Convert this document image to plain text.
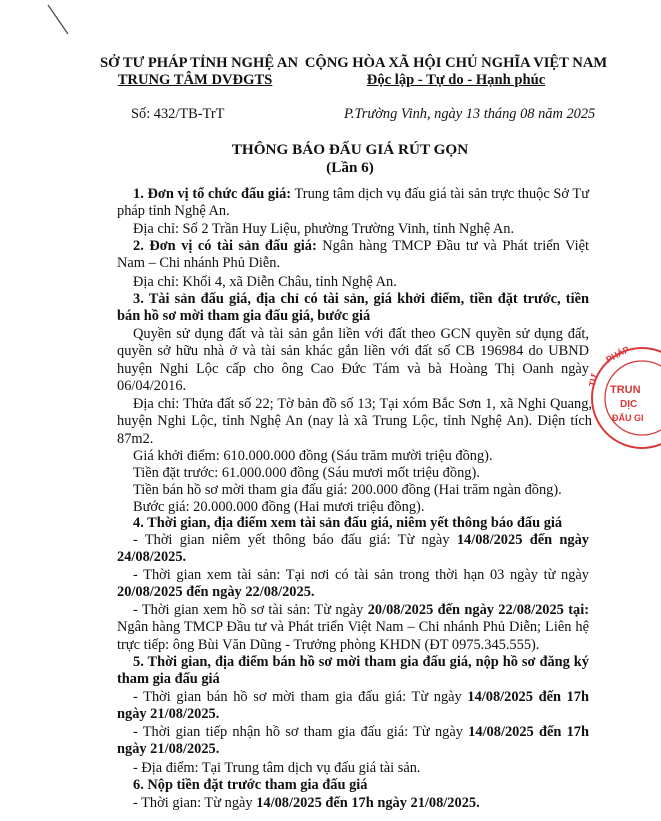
SỞ TƯ PHÁP TỈNH NGHỆ AN
TRUNG TÂM DVĐGTS
CỘNG HÒA XÃ HỘI CHỦ NGHĨA VIỆT NAM
Độc lập - Tự do - Hạnh phúc
Số: 432/TB-TrT	P.Trường Vinh, ngày 13 tháng 08 năm 2025
THÔNG BÁO ĐẤU GIÁ RÚT GỌN
(Lần 6)
1. Đơn vị tổ chức đấu giá: Trung tâm dịch vụ đấu giá tài sản trực thuộc Sở Tư pháp tỉnh Nghệ An.
Địa chỉ: Số 2 Trần Huy Liệu, phường Trường Vinh, tỉnh Nghệ An.
2. Đơn vị có tài sản đấu giá: Ngân hàng TMCP Đầu tư và Phát triển Việt Nam – Chi nhánh Phủ Diễn.
Địa chỉ: Khối 4, xã Diễn Châu, tỉnh Nghệ An.
3. Tài sản đấu giá, địa chỉ có tài sản, giá khởi điểm, tiền đặt trước, tiền bán hồ sơ mời tham gia đấu giá, bước giá
Quyền sử dụng đất và tài sản gắn liền với đất theo GCN quyền sử dụng đất, quyền sở hữu nhà ở và tài sản khác gắn liền với đất số CB 196984 do UBND huyện Nghi Lộc cấp cho ông Cao Đức Tám và bà Hoàng Thị Oanh ngày 06/04/2016.
Địa chỉ: Thửa đất số 22; Tờ bản đồ số 13; Tại xóm Bắc Sơn 1, xã Nghi Quang, huyện Nghi Lộc, tỉnh Nghệ An (nay là xã Trung Lộc, tỉnh Nghệ An). Diện tích 87m2.
Giá khởi điểm: 610.000.000 đồng (Sáu trăm mười triệu đồng).
Tiền đặt trước: 61.000.000 đồng (Sáu mươi mốt triệu đồng).
Tiền bán hồ sơ mời tham gia đấu giá: 200.000 đồng (Hai trăm ngàn đồng).
Bước giá: 20.000.000 đồng (Hai mươi triệu đồng).
4. Thời gian, địa điểm xem tài sản đấu giá, niêm yết thông báo đấu giá
- Thời gian niêm yết thông báo đấu giá: Từ ngày 14/08/2025 đến ngày 24/08/2025.
- Thời gian xem tài sản: Tại nơi có tài sản trong thời hạn 03 ngày từ ngày 20/08/2025 đến ngày 22/08/2025.
- Thời gian xem hồ sơ tài sản: Từ ngày 20/08/2025 đến ngày 22/08/2025 tại: Ngân hàng TMCP Đầu tư và Phát triển Việt Nam – Chi nhánh Phủ Diễn; Liên hệ trực tiếp: ông Bùi Văn Dũng - Trưởng phòng KHDN (ĐT 0975.345.555).
5. Thời gian, địa điểm bán hồ sơ mời tham gia đấu giá, nộp hồ sơ đăng ký tham gia đấu giá
- Thời gian bán hồ sơ mời tham gia đấu giá: Từ ngày 14/08/2025 đến 17h ngày 21/08/2025.
- Thời gian tiếp nhận hồ sơ tham gia đấu giá: Từ ngày 14/08/2025 đến 17h ngày 21/08/2025.
- Địa điểm: Tại Trung tâm dịch vụ đấu giá tài sản.
6. Nộp tiền đặt trước tham gia đấu giá
- Thời gian: Từ ngày 14/08/2025 đến 17h ngày 21/08/2025.
PHÁP
TRUN
DỊC
ĐẤU GI
TƯ
